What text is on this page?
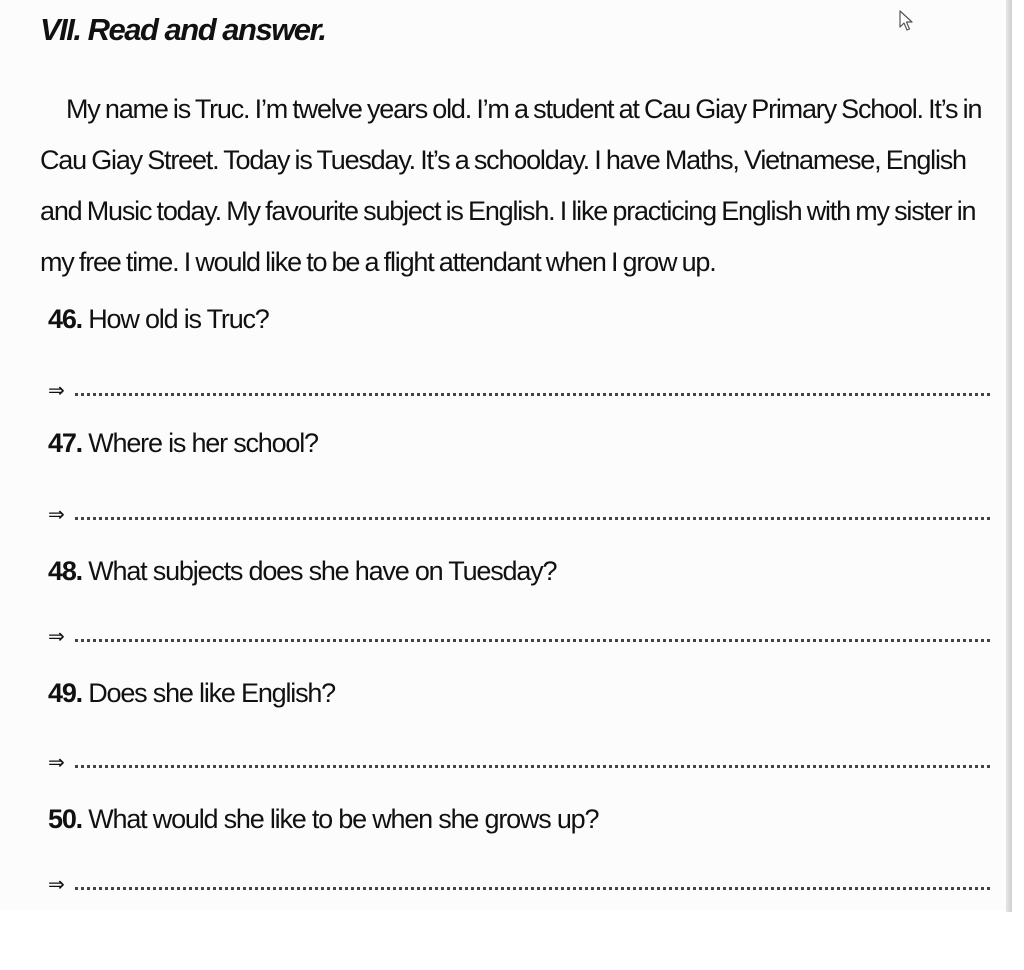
VII. Read and answer.
My name is Truc. I’m twelve years old. I’m a student at Cau Giay Primary School. It’s in
Cau Giay Street. Today is Tuesday. It’s a schoolday. I have Maths, Vietnamese, English
and Music today. My favourite subject is English. I like practicing English with my sister in
my free time. I would like to be a flight attendant when I grow up.
46. How old is Truc?
⇒
47. Where is her school?
⇒
48. What subjects does she have on Tuesday?
⇒
49. Does she like English?
⇒
50. What would she like to be when she grows up?
⇒
